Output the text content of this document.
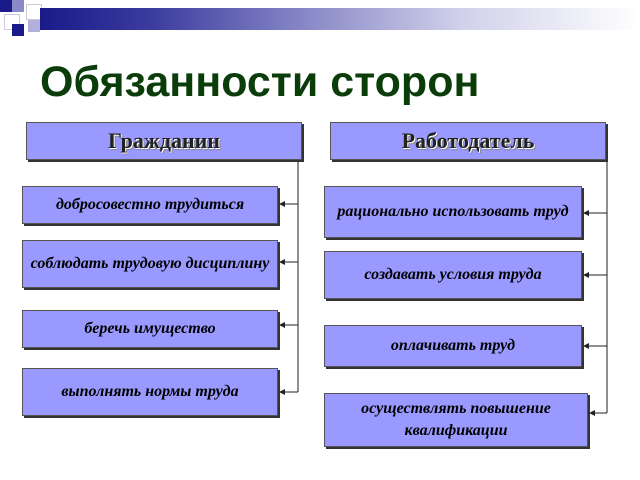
Обязанности сторон
Гражданин	Работодатель
добросовестно трудиться
соблюдать трудовую дисциплину
беречь имущество
выполнять нормы труда
рационально использовать труд
создавать условия труда
оплачивать труд
осуществлять повышение квалификации
